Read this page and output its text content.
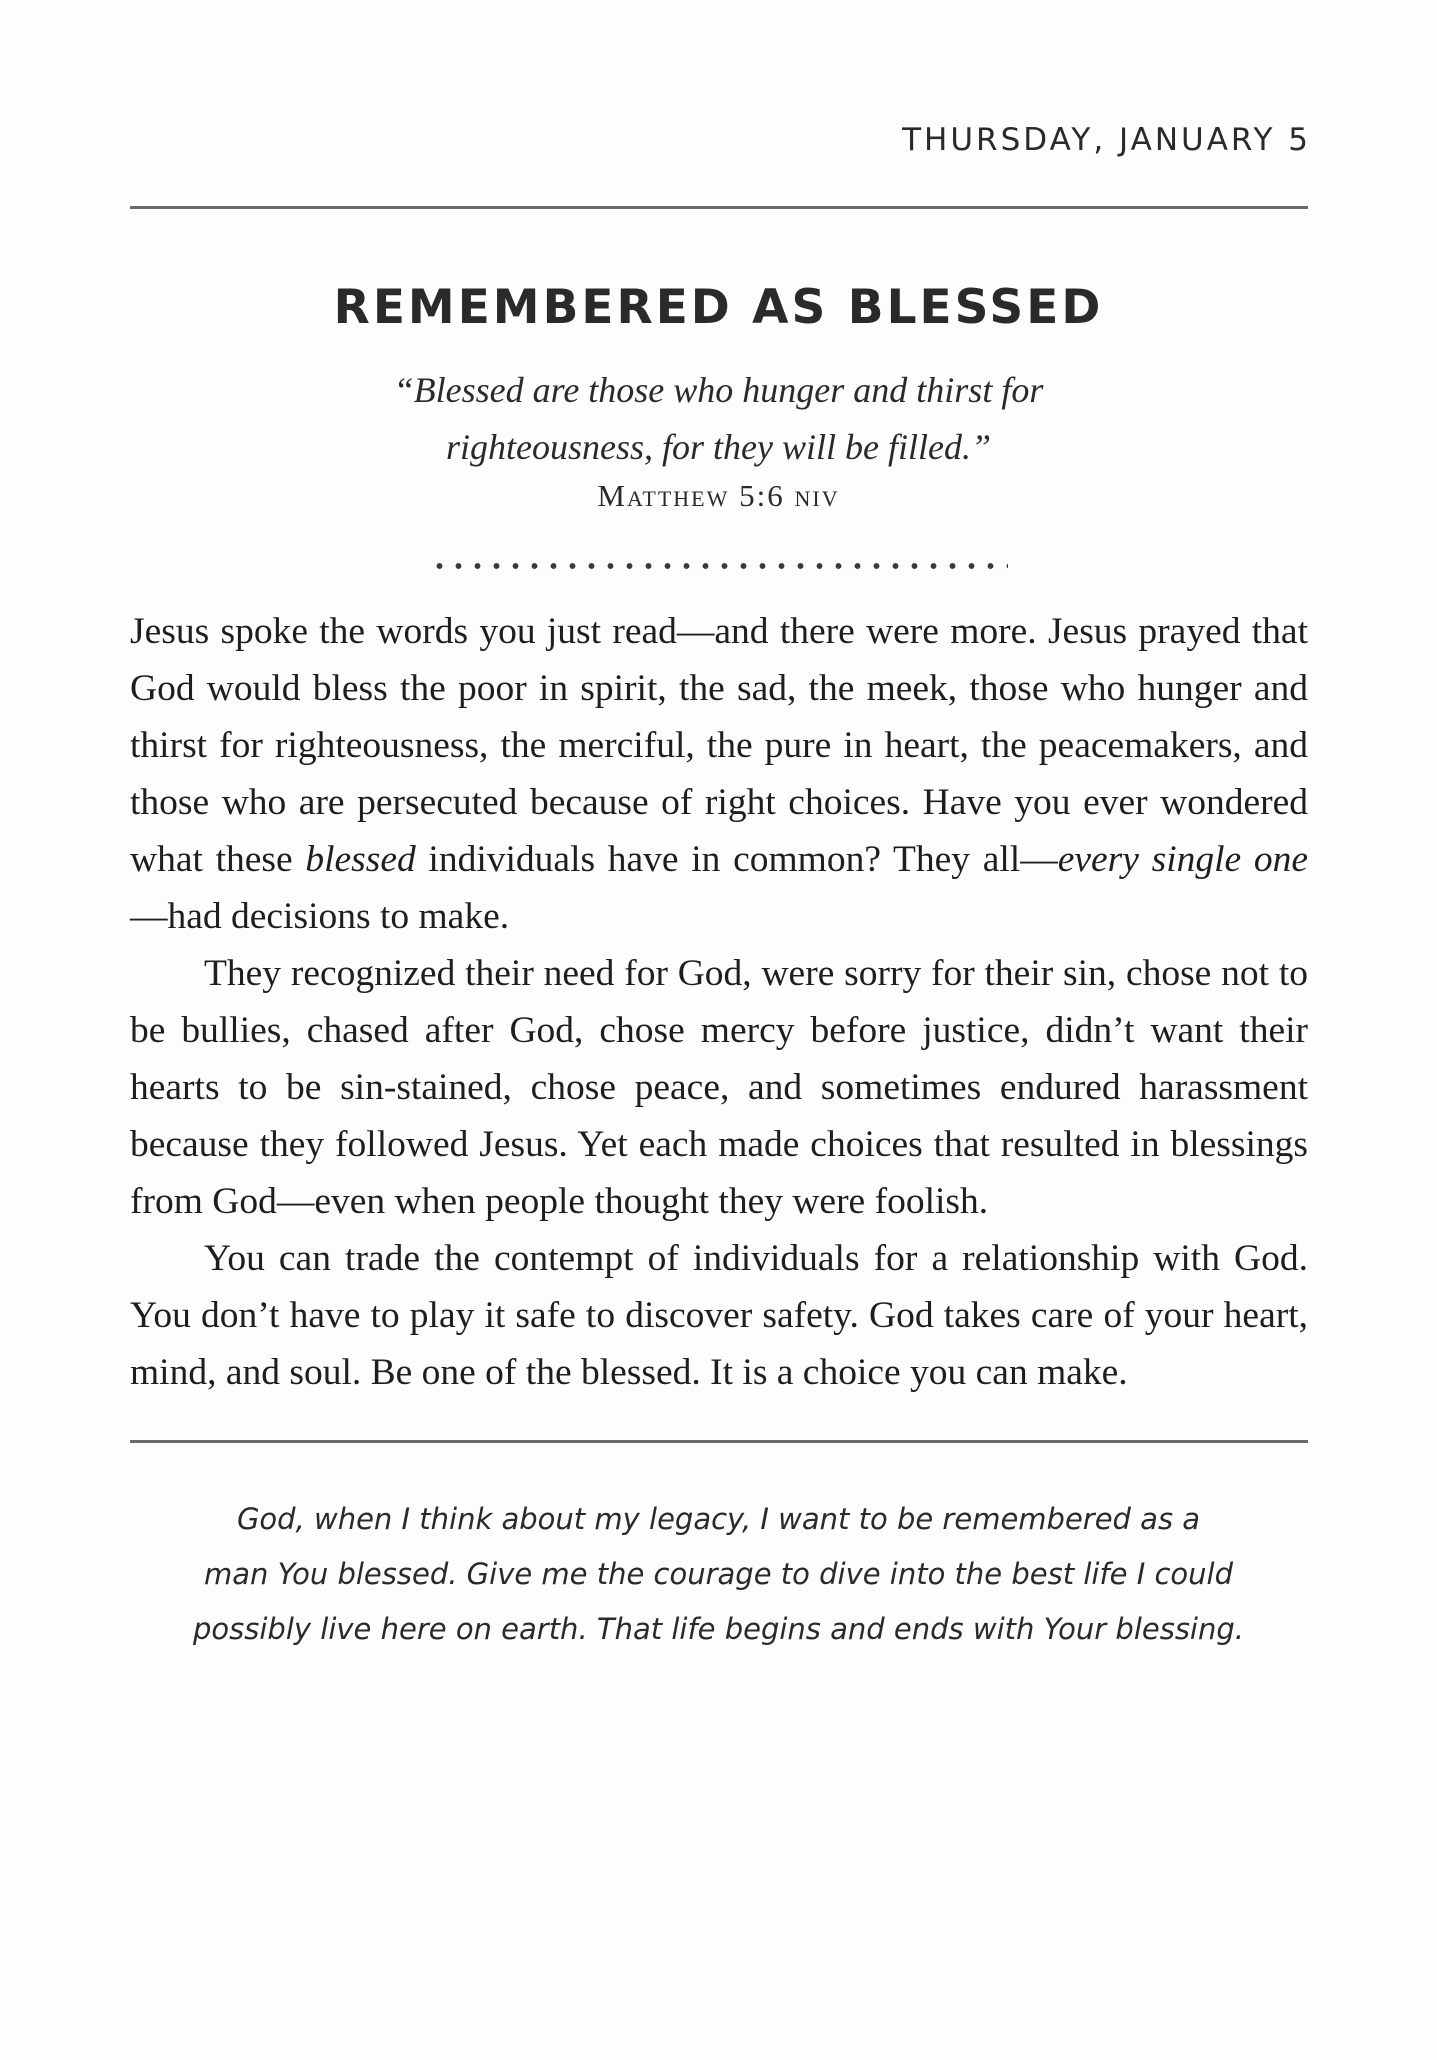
THURSDAY, JANUARY 5
REMEMBERED AS BLESSED
“Blessed are those who hunger and thirst for
righteousness, for they will be filled.”
Matthew 5:6 niv

Jesus spoke the words you just read—and there were more. Jesus prayed that God would bless the poor in spirit, the sad, the meek, those who hunger and thirst for righteousness, the merciful, the pure in heart, the peacemakers, and those who are persecuted because of right choices. Have you ever wondered what these blessed individuals have in common? They all—every single one—had decisions to make.

They recognized their need for God, were sorry for their sin, chose not to be bullies, chased after God, chose mercy before justice, didn’t want their hearts to be sin-stained, chose peace, and sometimes endured harassment because they followed Jesus. Yet each made choices that resulted in blessings from God—even when people thought they were foolish.

You can trade the contempt of individuals for a relationship with God. You don’t have to play it safe to discover safety. God takes care of your heart, mind, and soul. Be one of the blessed. It is a choice you can make.

God, when I think about my legacy, I want to be remembered as a
man You blessed. Give me the courage to dive into the best life I could
possibly live here on earth. That life begins and ends with Your blessing.
